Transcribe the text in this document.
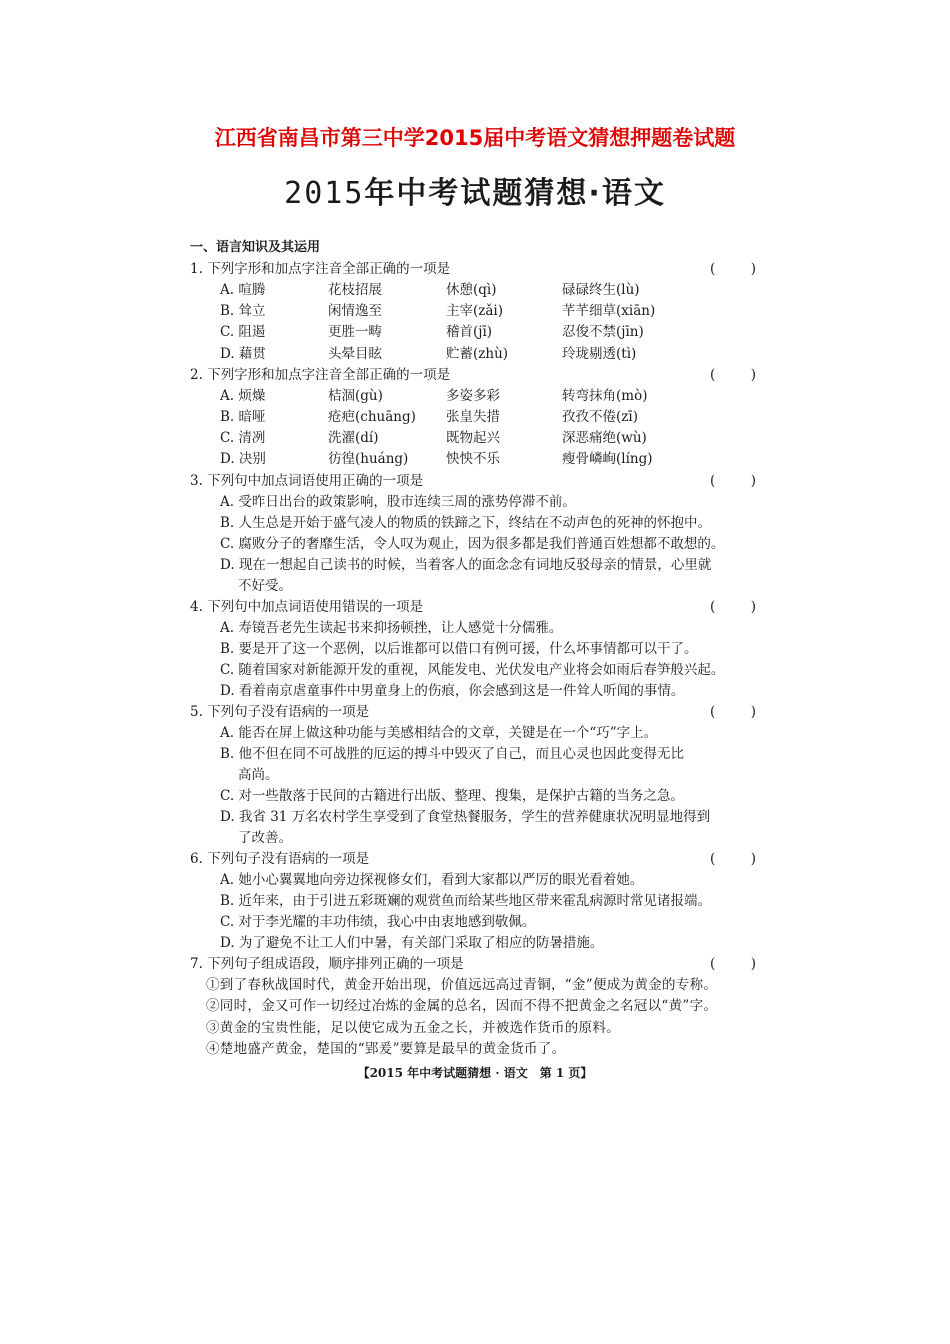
江西省南昌市第三中学2015届中考语文猜想押题卷试题
2015年中考试题猜想·语文
一、语言知识及其运用
1. 下列字形和加点字注音全部正确的一项是	(	)
A. 喧腾	花枝招展	休憩(qì)	碌碌终生(lù)
B. 耸立	闲情逸至	主宰(zǎi)	芊芊细草(xiān)
C. 阻遏	更胜一畴	稽首(jī)	忍俊不禁(jīn)
D. 藉贯	头晕目眩	贮蓄(zhù)	玲珑剔透(tì)
2. 下列字形和加点字注音全部正确的一项是	(	)
A. 烦燥	桔涸(gù)	多姿多彩	转弯抹角(mò)
B. 暗哑	疮疤(chuāng)	张皇失措	孜孜不倦(zī)
C. 清冽	洗濯(dí)	既物起兴	深恶痛绝(wù)
D. 决别	彷徨(huáng)	怏怏不乐	瘦骨嶙峋(líng)
3. 下列句中加点词语使用正确的一项是	(	)
A. 受昨日出台的政策影响，股市连续三周的涨势停滞不前。
B. 人生总是开始于盛气凌人的物质的铁蹄之下，终结在不动声色的死神的怀抱中。
C. 腐败分子的奢靡生活，令人叹为观止，因为很多都是我们普通百姓想都不敢想的。
D. 现在一想起自己读书的时候，当着客人的面念念有词地反驳母亲的情景，心里就
不好受。
4. 下列句中加点词语使用错误的一项是	(	)
A. 寿镜吾老先生读起书来抑扬顿挫，让人感觉十分儒雅。
B. 要是开了这一个恶例，以后谁都可以借口有例可援，什么坏事情都可以干了。
C. 随着国家对新能源开发的重视，风能发电、光伏发电产业将会如雨后春笋般兴起。
D. 看着南京虐童事件中男童身上的伤痕，你会感到这是一件耸人听闻的事情。
5. 下列句子没有语病的一项是	(	)
A. 能否在屏上做这种功能与美感相结合的文章，关键是在一个“巧”字上。
B. 他不但在同不可战胜的厄运的搏斗中毁灭了自己，而且心灵也因此变得无比
高尚。
C. 对一些散落于民间的古籍进行出版、整理、搜集，是保护古籍的当务之急。
D. 我省 31 万名农村学生享受到了食堂热餐服务，学生的营养健康状况明显地得到
了改善。
6. 下列句子没有语病的一项是	(	)
A. 她小心翼翼地向旁边探视修女们，看到大家都以严厉的眼光看着她。
B. 近年来，由于引进五彩斑斓的观赏鱼而给某些地区带来霍乱病源时常见诸报端。
C. 对于李光耀的丰功伟绩，我心中由衷地感到敬佩。
D. 为了避免不让工人们中暑，有关部门采取了相应的防暑措施。
7. 下列句子组成语段，顺序排列正确的一项是	(	)
①到了春秋战国时代，黄金开始出现，价值远远高过青铜，“金”便成为黄金的专称。
②同时，金又可作一切经过冶炼的金属的总名，因而不得不把黄金之名冠以“黄”字。
③黄金的宝贵性能，足以使它成为五金之长，并被选作货币的原料。
④楚地盛产黄金，楚国的“郢爰”要算是最早的黄金货币了。
【2015 年中考试题猜想 · 语文　第 1 页】
